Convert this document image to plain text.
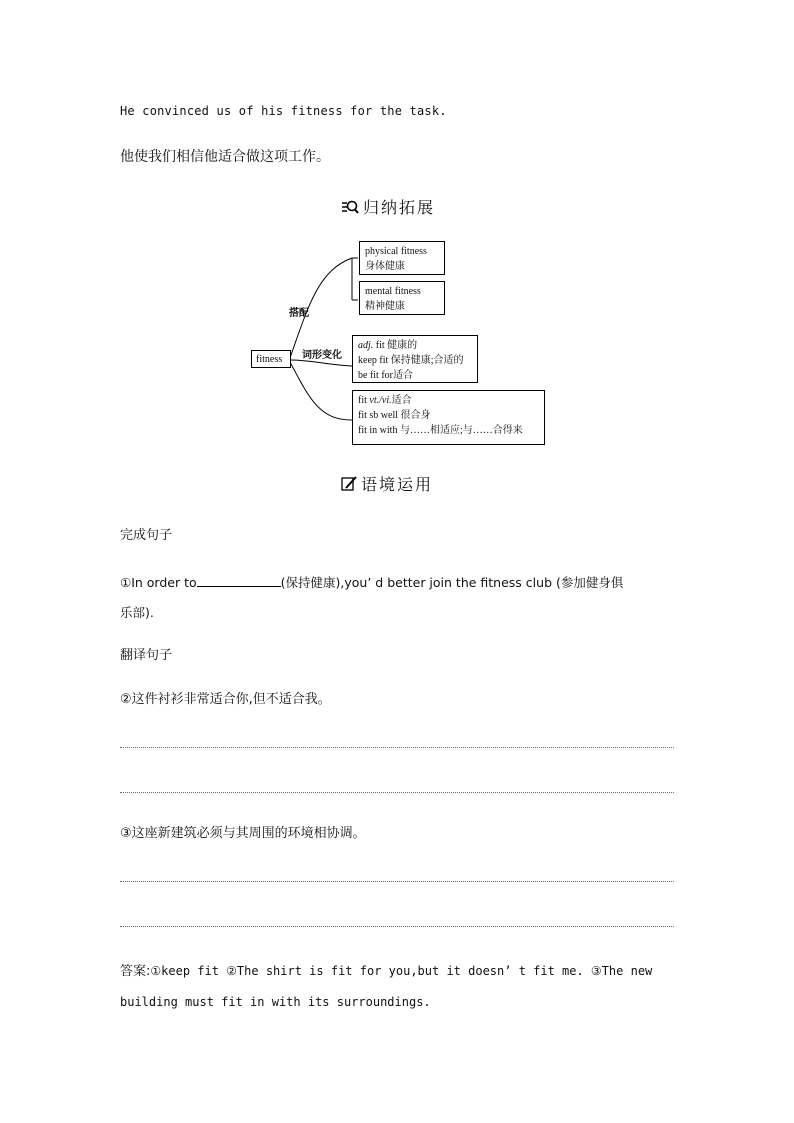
He convinced us of his fitness for the task.
他使我们相信他适合做这项工作。
归纳拓展
fitness
搭配
词形变化
physical fitness
身体健康
mental fitness
精神健康
adj. fit 健康的
keep fit 保持健康;合适的
be fit for适合
fit vt./vi.适合
fit sb well 很合身
fit in with 与……相适应;与……合得来
语境运用
完成句子
①In order to	(保持健康),you’ d better join the fitness club (参加健身俱
乐部).
翻译句子
②这件衬衫非常适合你,但不适合我。
③这座新建筑必须与其周围的环境相协调。
答案:①keep fit ②The shirt is fit for you,but it doesn’ t fit me. ③The new building must fit in with its surroundings.
